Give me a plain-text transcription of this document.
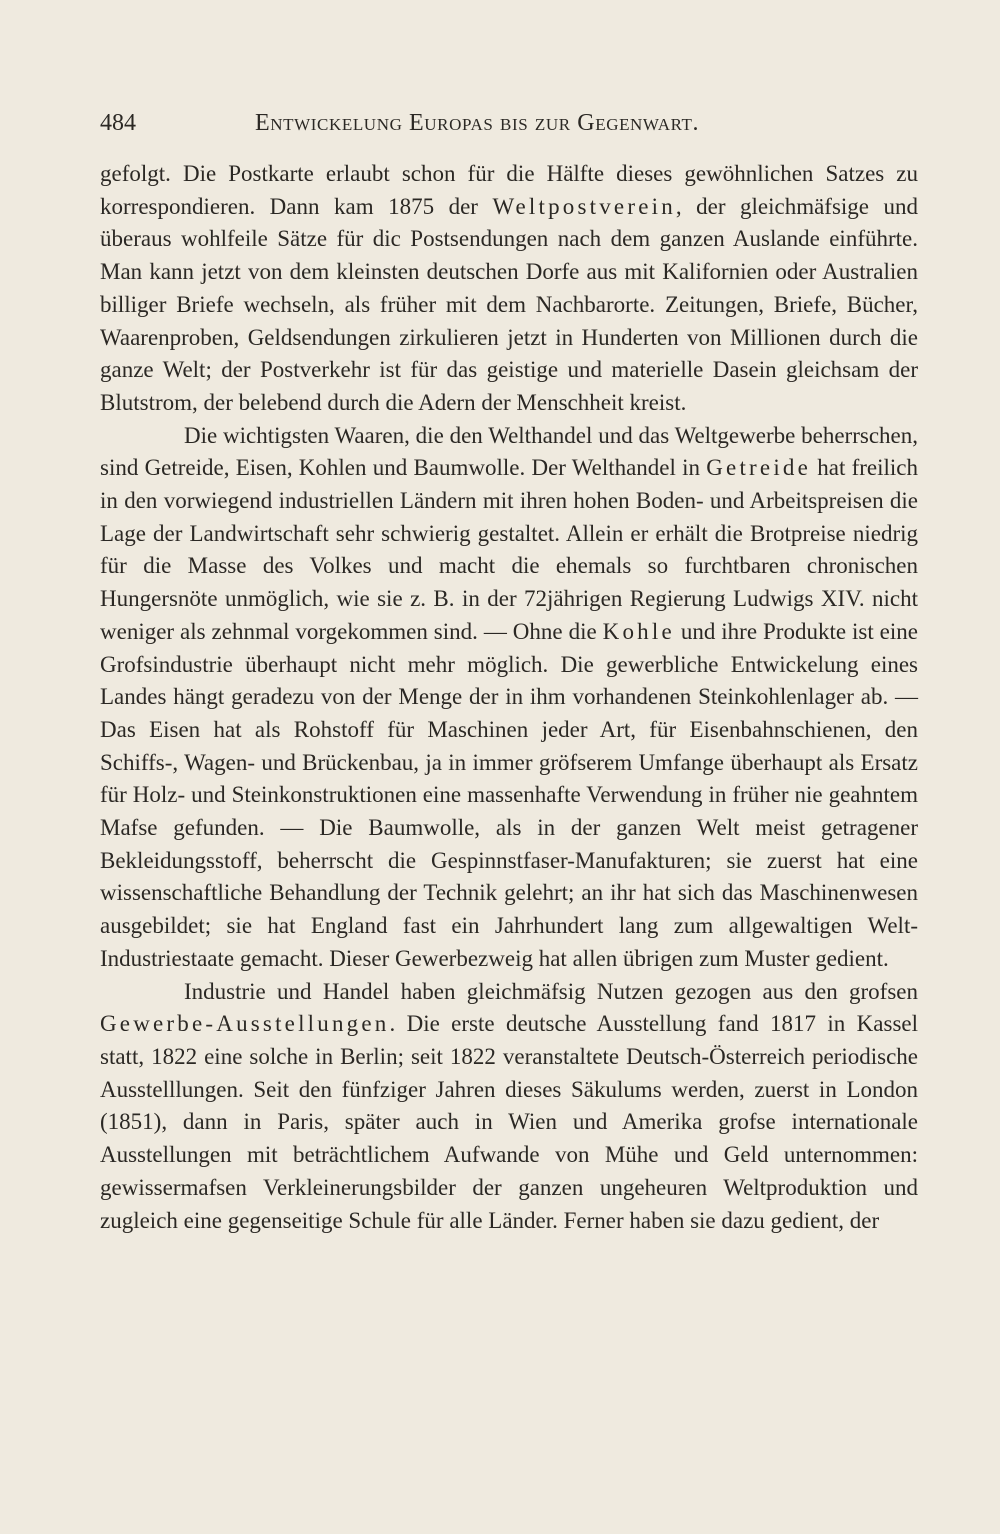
484	Entwickelung Europas bis zur Gegenwart.

gefolgt. Die Postkarte erlaubt schon für die Hälfte dieses gewöhnlichen Satzes zu korrespondieren. Dann kam 1875 der Weltpostverein, der gleichmäfsige und überaus wohlfeile Sätze für dic Postsendungen nach dem ganzen Auslande einführte. Man kann jetzt von dem kleinsten deutschen Dorfe aus mit Kalifornien oder Australien billiger Briefe wechseln, als früher mit dem Nachbarorte. Zeitungen, Briefe, Bücher, Waarenproben, Geldsendungen zirkulieren jetzt in Hunderten von Millionen durch die ganze Welt; der Postverkehr ist für das geistige und materielle Dasein gleichsam der Blutstrom, der belebend durch die Adern der Menschheit kreist.

Die wichtigsten Waaren, die den Welthandel und das Weltgewerbe beherrschen, sind Getreide, Eisen, Kohlen und Baumwolle. Der Welthandel in Getreide hat freilich in den vorwiegend industriellen Ländern mit ihren hohen Boden- und Arbeitspreisen die Lage der Landwirtschaft sehr schwierig gestaltet. Allein er erhält die Brotpreise niedrig für die Masse des Volkes und macht die ehemals so furchtbaren chronischen Hungersnöte unmöglich, wie sie z. B. in der 72jährigen Regierung Ludwigs XIV. nicht weniger als zehnmal vorgekommen sind. — Ohne die Kohle und ihre Produkte ist eine Grofsindustrie überhaupt nicht mehr möglich. Die gewerbliche Entwickelung eines Landes hängt geradezu von der Menge der in ihm vorhandenen Steinkohlenlager ab. — Das Eisen hat als Rohstoff für Maschinen jeder Art, für Eisenbahnschienen, den Schiffs-, Wagen- und Brückenbau, ja in immer gröfserem Umfange überhaupt als Ersatz für Holz- und Steinkonstruktionen eine massenhafte Verwendung in früher nie geahntem Mafse gefunden. — Die Baumwolle, als in der ganzen Welt meist getragener Bekleidungsstoff, beherrscht die Gespinnstfaser-Manufakturen; sie zuerst hat eine wissenschaftliche Behandlung der Technik gelehrt; an ihr hat sich das Maschinenwesen ausgebildet; sie hat England fast ein Jahrhundert lang zum allgewaltigen Welt-Industriestaate gemacht. Dieser Gewerbezweig hat allen übrigen zum Muster gedient.

Industrie und Handel haben gleichmäfsig Nutzen gezogen aus den grofsen Gewerbe-Ausstellungen. Die erste deutsche Ausstellung fand 1817 in Kassel statt, 1822 eine solche in Berlin; seit 1822 veranstaltete Deutsch-Österreich periodische Ausstelllungen. Seit den fünfziger Jahren dieses Säkulums werden, zuerst in London (1851), dann in Paris, später auch in Wien und Amerika grofse internationale Ausstellungen mit beträchtlichem Aufwande von Mühe und Geld unternommen: gewissermafsen Verkleinerungsbilder der ganzen ungeheuren Weltproduktion und zugleich eine gegenseitige Schule für alle Länder. Ferner haben sie dazu gedient, der
